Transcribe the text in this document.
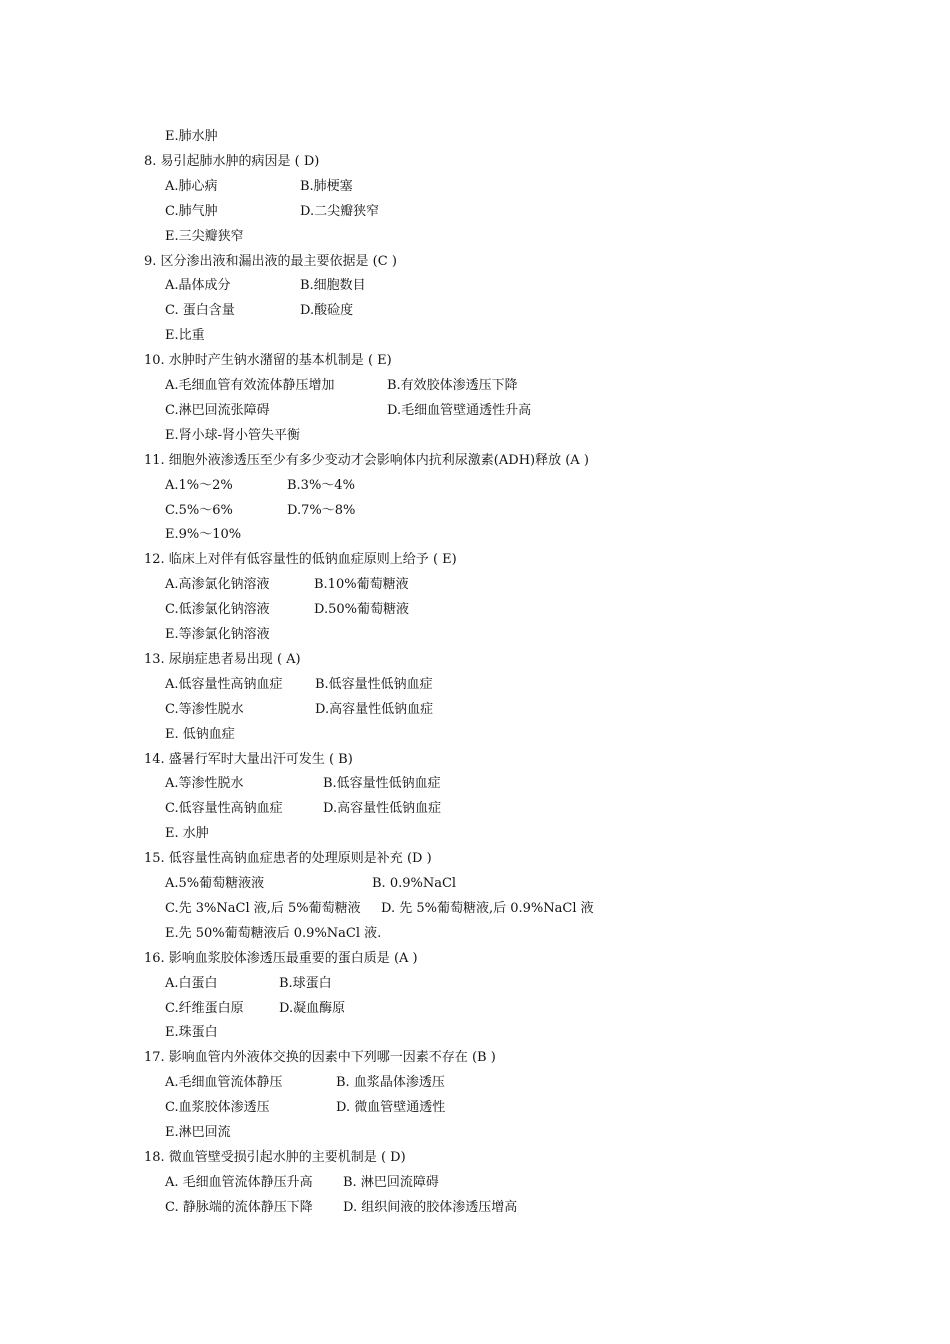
E.肺水肿
8. 易引起肺水肿的病因是 ( D)
A.肺心病	B.肺梗塞
C.肺气肿	D.二尖瓣狭窄
E.三尖瓣狭窄
9. 区分渗出液和漏出液的最主要依据是 (C )
A.晶体成分	B.细胞数目
C. 蛋白含量	D.酸硷度
E.比重
10. 水肿时产生钠水潴留的基本机制是 ( E)
A.毛细血管有效流体静压增加	B.有效胶体渗透压下降
C.淋巴回流张障碍	D.毛细血管壁通透性升高
E.肾小球-肾小管失平衡
11. 细胞外液渗透压至少有多少变动才会影响体内抗利尿激素(ADH)释放 (A )
A.1%～2%	B.3%～4%
C.5%～6%	D.7%～8%
E.9%～10%
12. 临床上对伴有低容量性的低钠血症原则上给予 ( E)
A.高渗氯化钠溶液	B.10%葡萄糖液
C.低渗氯化钠溶液	D.50%葡萄糖液
E.等渗氯化钠溶液
13. 尿崩症患者易出现 ( A)
A.低容量性高钠血症 B.低容量性低钠血症
C.等渗性脱水	D.高容量性低钠血症
E. 低钠血症
14. 盛暑行军时大量出汗可发生 ( B)
A.等渗性脱水	B.低容量性低钠血症
C.低容量性高钠血症	D.高容量性低钠血症
E. 水肿
15. 低容量性高钠血症患者的处理原则是补充 (D )
A.5%葡萄糖液液	B. 0.9%NaCl
C.先 3%NaCl 液,后 5%葡萄糖液 D. 先 5%葡萄糖液,后 0.9%NaCl 液
E.先 50%葡萄糖液后 0.9%NaCl 液.
16. 影响血浆胶体渗透压最重要的蛋白质是 (A )
A.白蛋白	B.球蛋白
C.纤维蛋白原	D.凝血酶原
E.珠蛋白
17. 影响血管内外液体交换的因素中下列哪一因素不存在 (B )
A.毛细血管流体静压	B. 血浆晶体渗透压
C.血浆胶体渗透压	D. 微血管壁通透性
E.淋巴回流
18. 微血管壁受损引起水肿的主要机制是 ( D)
A. 毛细血管流体静压升高 B. 淋巴回流障碍
C. 静脉端的流体静压下降 D. 组织间液的胶体渗透压增高
